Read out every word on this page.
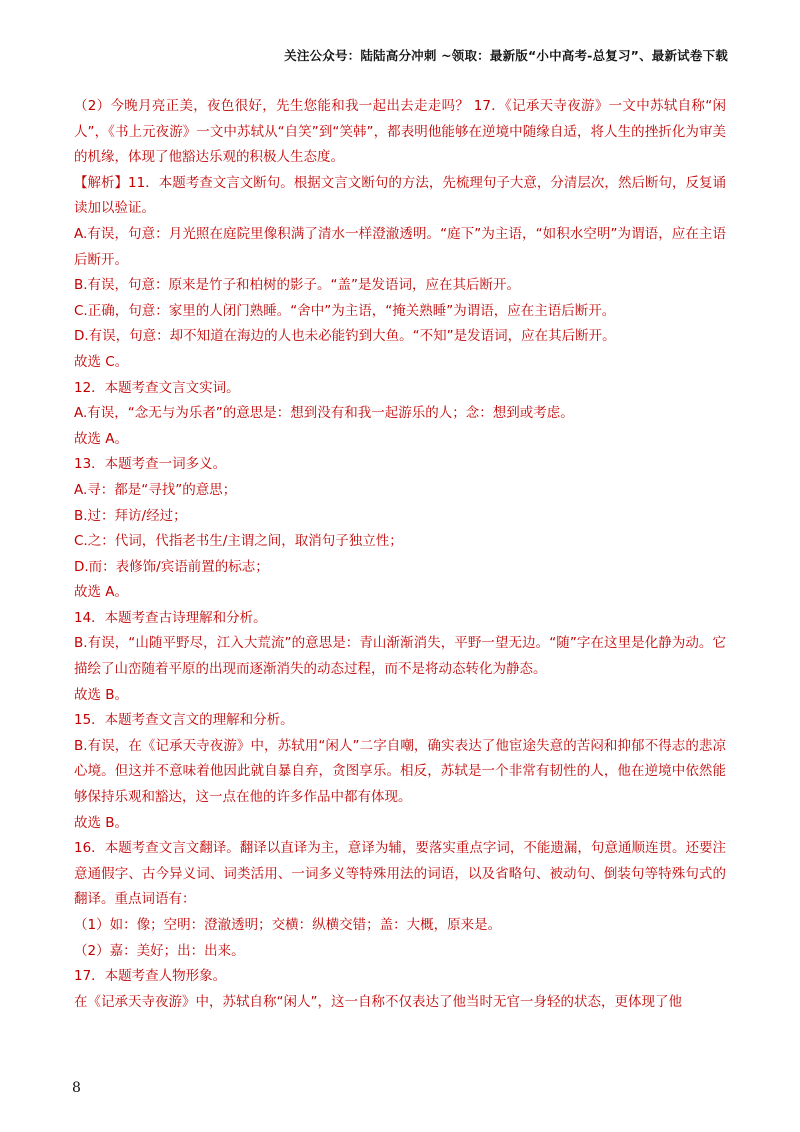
关注公众号：陆陆高分冲刺 ~领取：最新版“小中高考-总复习”、最新试卷下载

（2）今晚月亮正美，夜色很好，先生您能和我一起出去走走吗？ 17．《记承天寺夜游》一文中苏轼自称“闲人”，《书上元夜游》一文中苏轼从“自笑”到“笑韩”，都表明他能够在逆境中随缘自适，将人生的挫折化为审美的机缘，体现了他豁达乐观的积极人生态度。

【解析】11．本题考查文言文断句。根据文言文断句的方法，先梳理句子大意，分清层次，然后断句，反复诵读加以验证。

A.有误，句意：月光照在庭院里像积满了清水一样澄澈透明。“庭下”为主语，“如积水空明”为谓语，应在主语后断开。

B.有误，句意：原来是竹子和柏树的影子。“盖”是发语词，应在其后断开。

C.正确，句意：家里的人闭门熟睡。“舍中”为主语，“掩关熟睡”为谓语，应在主语后断开。

D.有误，句意：却不知道在海边的人也未必能钓到大鱼。“不知”是发语词，应在其后断开。

故选 C。

12．本题考查文言文实词。

A.有误，“念无与为乐者”的意思是：想到没有和我一起游乐的人；念：想到或考虑。

故选 A。

13．本题考查一词多义。

A.寻：都是“寻找”的意思；

B.过：拜访/经过；

C.之：代词，代指老书生/主谓之间，取消句子独立性；

D.而：表修饰/宾语前置的标志；

故选 A。

14．本题考查古诗理解和分析。

B.有误，“山随平野尽，江入大荒流”的意思是：青山渐渐消失，平野一望无边。“随”字在这里是化静为动。它描绘了山峦随着平原的出现而逐渐消失的动态过程，而不是将动态转化为静态。

故选 B。

15．本题考查文言文的理解和分析。

B.有误，在《记承天寺夜游》中，苏轼用“闲人”二字自嘲，确实表达了他宦途失意的苦闷和抑郁不得志的悲凉心境。但这并不意味着他因此就自暴自弃，贪图享乐。相反，苏轼是一个非常有韧性的人，他在逆境中依然能够保持乐观和豁达，这一点在他的许多作品中都有体现。

故选 B。

16．本题考查文言文翻译。翻译以直译为主，意译为辅，要落实重点字词，不能遗漏，句意通顺连贯。还要注意通假字、古今异义词、词类活用、一词多义等特殊用法的词语，以及省略句、被动句、倒装句等特殊句式的翻译。重点词语有：

（1）如：像；空明：澄澈透明；交横：纵横交错；盖：大概，原来是。

（2）嘉：美好；出：出来。

17．本题考查人物形象。

在《记承天寺夜游》中，苏轼自称“闲人”，这一自称不仅表达了他当时无官一身轻的状态，更体现了他

8
